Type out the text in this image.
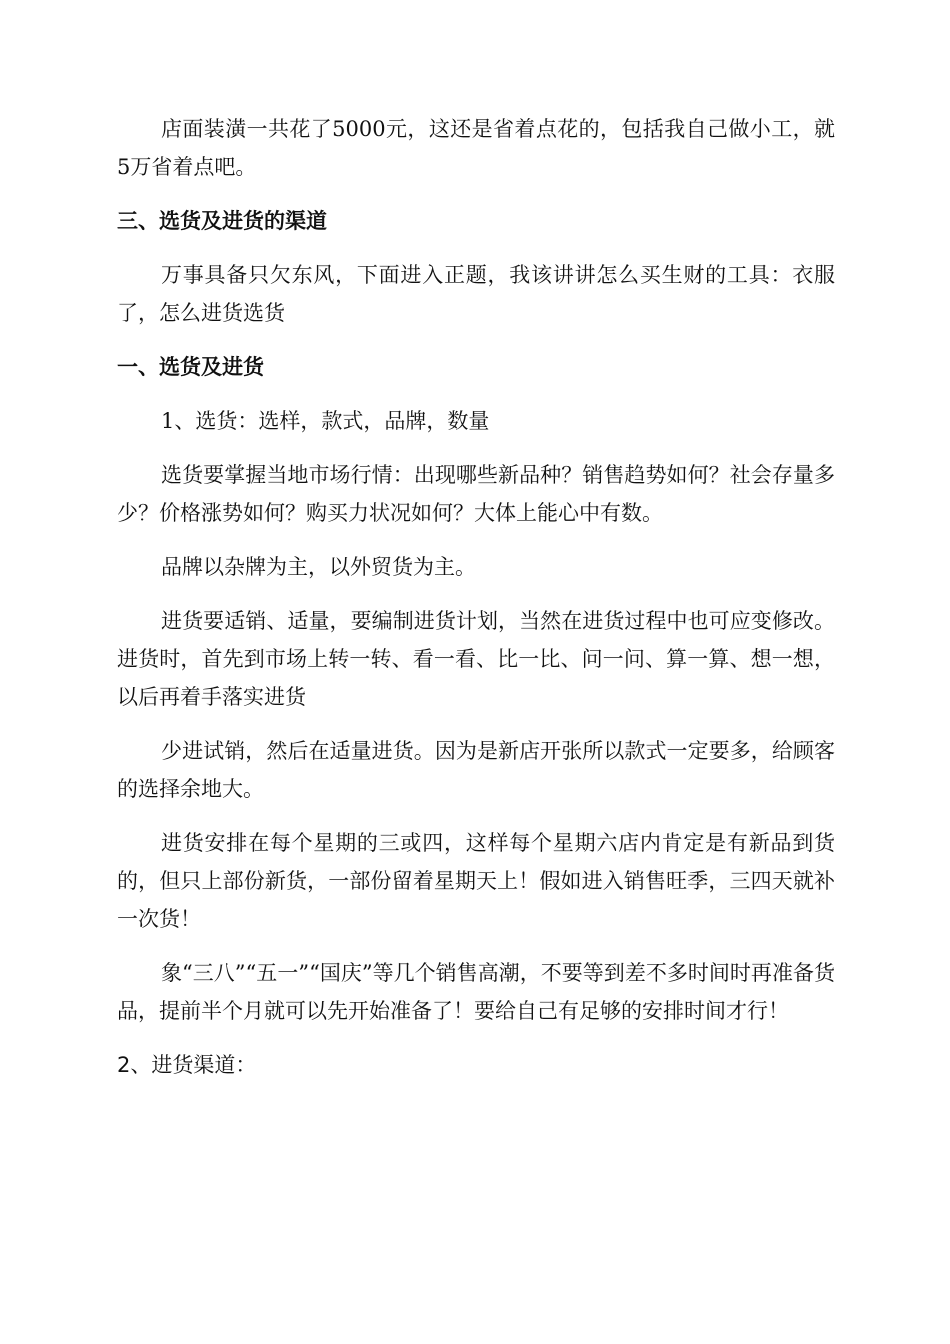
店面装潢一共花了5000元，这还是省着点花的，包括我自己做小工，就5万省着点吧。

三、选货及进货的渠道

万事具备只欠东风，下面进入正题，我该讲讲怎么买生财的工具：衣服了，怎么进货选货

一、选货及进货

1、选货：选样，款式，品牌，数量

选货要掌握当地市场行情：出现哪些新品种？销售趋势如何？社会存量多少？价格涨势如何？购买力状况如何？大体上能心中有数。

品牌以杂牌为主，以外贸货为主。

进货要适销、适量，要编制进货计划，当然在进货过程中也可应变修改。进货时，首先到市场上转一转、看一看、比一比、问一问、算一算、想一想，以后再着手落实进货

少进试销，然后在适量进货。因为是新店开张所以款式一定要多，给顾客的选择余地大。

进货安排在每个星期的三或四，这样每个星期六店内肯定是有新品到货的，但只上部份新货，一部份留着星期天上！假如进入销售旺季，三四天就补一次货！

象“三八”“五一”“国庆”等几个销售高潮，不要等到差不多时间时再准备货品，提前半个月就可以先开始准备了！要给自己有足够的安排时间才行！

2、进货渠道：
